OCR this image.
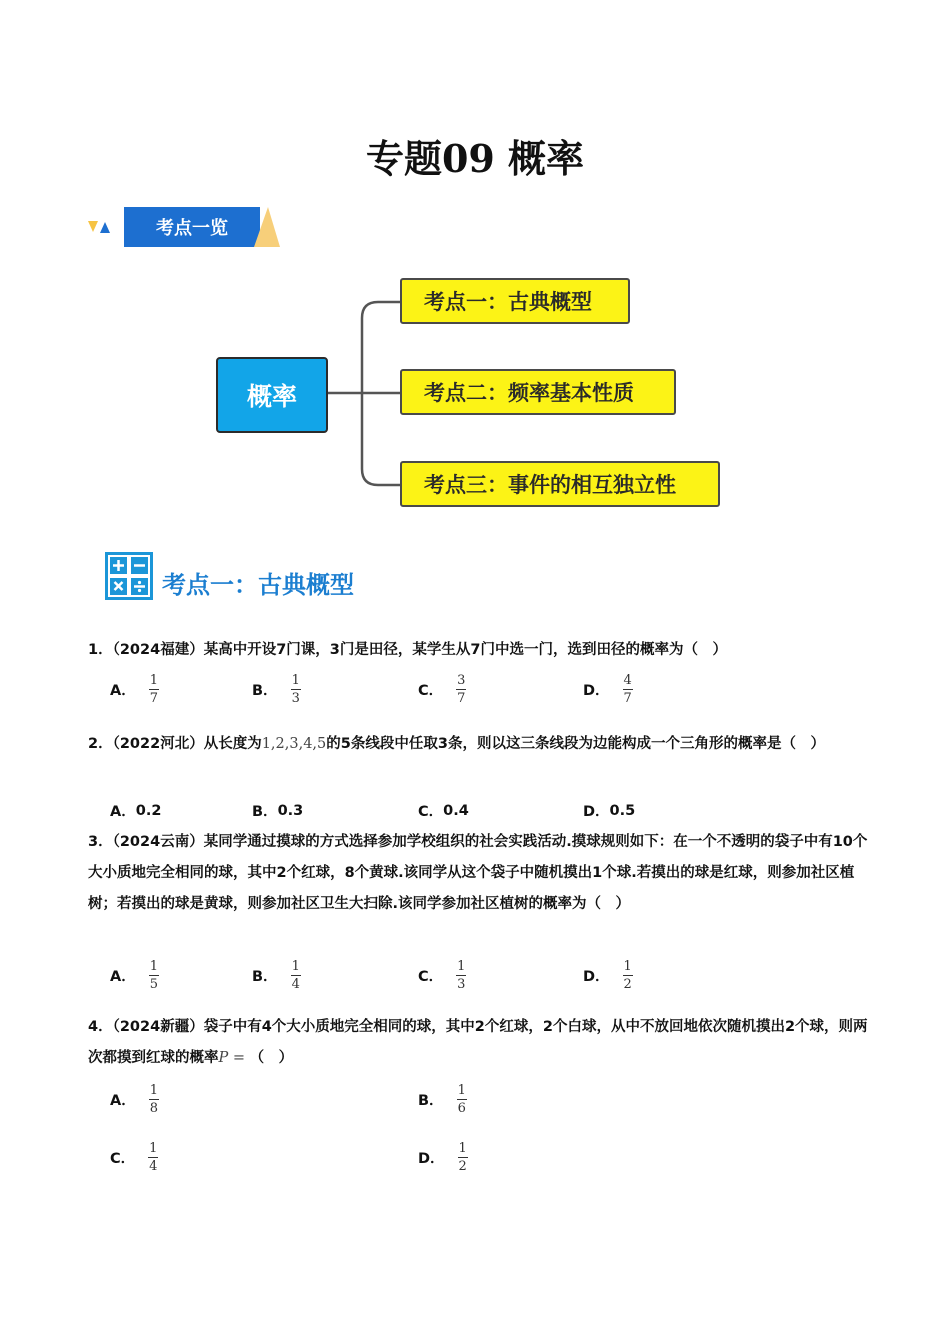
专题09 概率
考点一览
概率
考点一：古典概型
考点二：频率基本性质
考点三：事件的相互独立性
考点一：古典概型
1．（2024福建）某高中开设7门课，3门是田径，某学生从7门中选一门，选到田径的概率为（　）
A． $\frac{1}{7}$	B． $\frac{1}{3}$	C． $\frac{3}{7}$	D． $\frac{4}{7}$
2．（2022河北）从长度为1,2,3,4,5的5条线段中任取3条，则以这三条线段为边能构成一个三角形的概率是（　）
A． 0.2	B． 0.3	C． 0.4	D． 0.5
3．（2024云南）某同学通过摸球的方式选择参加学校组织的社会实践活动.摸球规则如下：在一个不透明的袋子中有10个大小质地完全相同的球，其中2个红球，8个黄球.该同学从这个袋子中随机摸出1个球.若摸出的球是红球，则参加社区植树；若摸出的球是黄球，则参加社区卫生大扫除.该同学参加社区植树的概率为（　）
A． $\frac{1}{5}$	B． $\frac{1}{4}$	C． $\frac{1}{3}$	D． $\frac{1}{2}$
4．（2024新疆）袋子中有4个大小质地完全相同的球，其中2个红球，2个白球，从中不放回地依次随机摸出2个球，则两次都摸到红球的概率P = （　）
A． $\frac{1}{8}$	B． $\frac{1}{6}$
C． $\frac{1}{4}$	D． $\frac{1}{2}$
